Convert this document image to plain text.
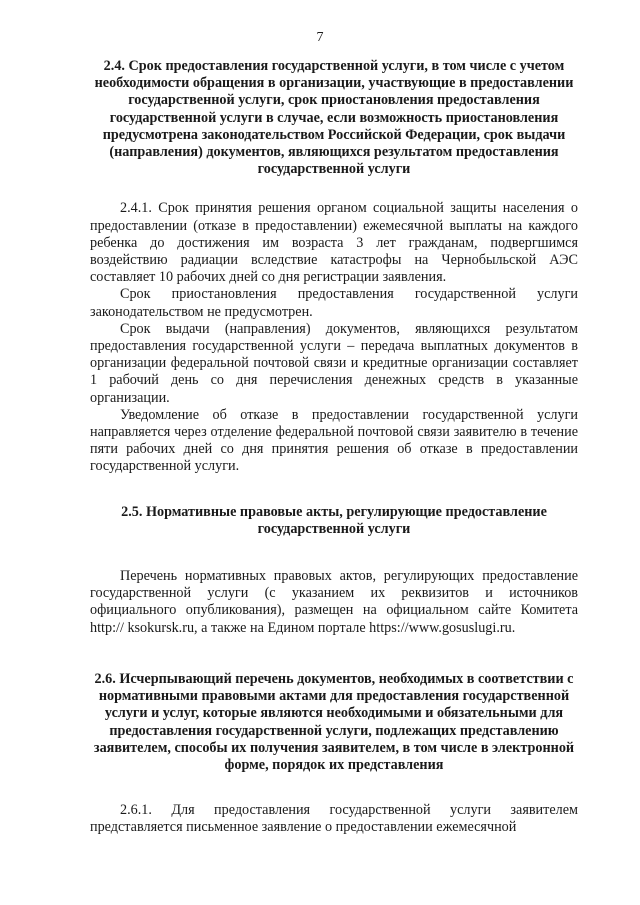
7
2.4. Срок предоставления государственной услуги, в том числе с учетом необходимости обращения в организации, участвующие в предоставлении государственной услуги, срок приостановления предоставления государственной услуги в случае, если возможность приостановления предусмотрена законодательством Российской Федерации, срок выдачи (направления) документов, являющихся результатом предоставления государственной услуги

2.4.1. Срок принятия решения органом социальной защиты населения о предоставлении (отказе в предоставлении) ежемесячной выплаты на каждого ребенка до достижения им возраста 3 лет гражданам, подвергшимся воздействию радиации вследствие катастрофы на Чернобыльской АЭС составляет 10 рабочих дней со дня регистрации заявления.

Срок приостановления предоставления государственной услуги законодательством не предусмотрен.

Срок выдачи (направления) документов, являющихся результатом предоставления государственной услуги – передача выплатных документов в организации федеральной почтовой связи и кредитные организации составляет 1 рабочий день со дня перечисления денежных средств в указанные организации.

Уведомление об отказе в предоставлении государственной услуги направляется через отделение федеральной почтовой связи заявителю в течение пяти рабочих дней со дня принятия решения об отказе в предоставлении государственной услуги.

2.5. Нормативные правовые акты, регулирующие предоставление государственной услуги

Перечень нормативных правовых актов, регулирующих предоставление государственной услуги (с указанием их реквизитов и источников официального опубликования), размещен на официальном сайте Комитета http:// ksokursk.ru, а также на Едином портале https://www.gosuslugi.ru.

2.6. Исчерпывающий перечень документов, необходимых в соответствии с нормативными правовыми актами для предоставления государственной услуги и услуг, которые являются необходимыми и обязательными для предоставления государственной услуги, подлежащих представлению заявителем, способы их получения заявителем, в том числе в электронной форме, порядок их представления

2.6.1. Для предоставления государственной услуги заявителем представляется письменное заявление о предоставлении ежемесячной
